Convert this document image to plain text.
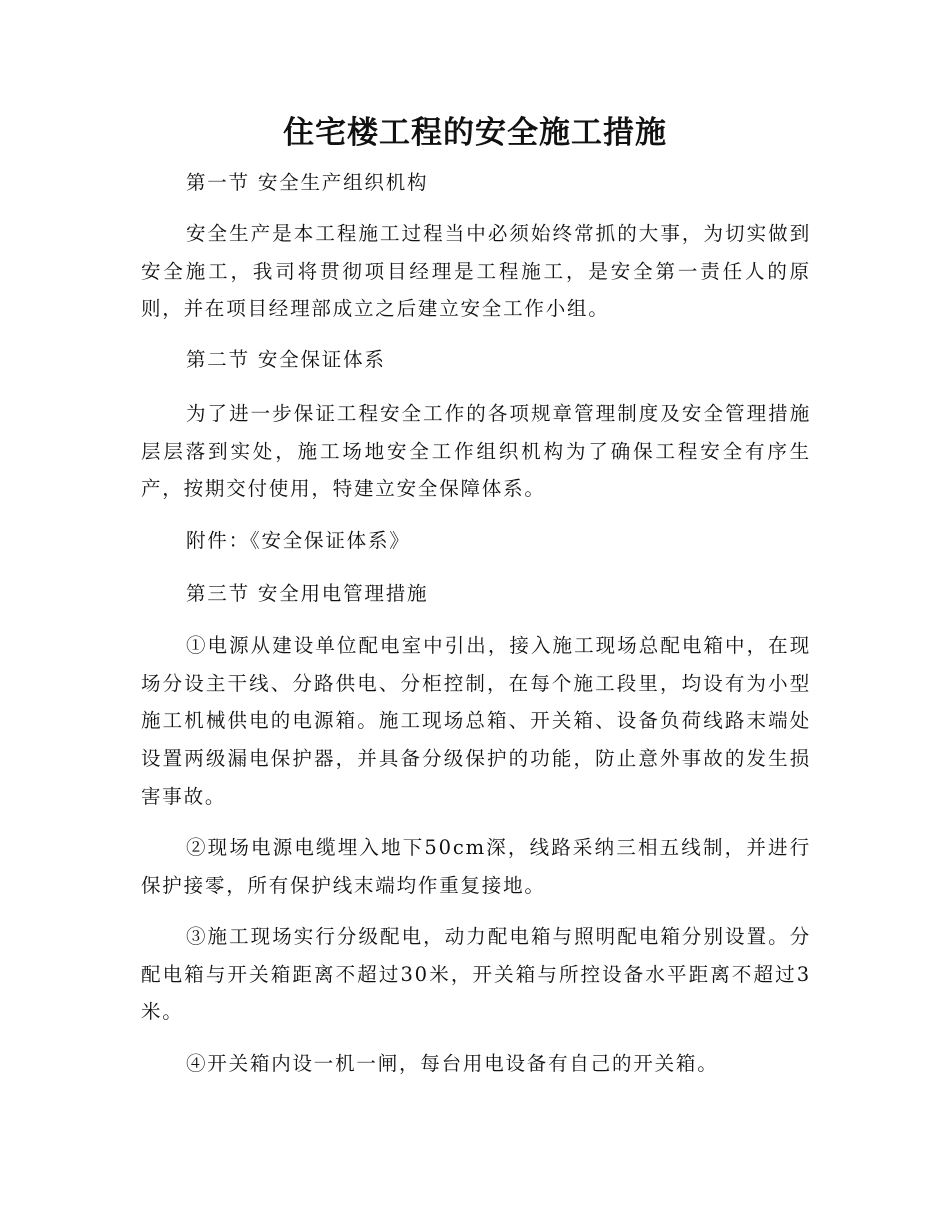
住宅楼工程的安全施工措施

第一节 安全生产组织机构

安全生产是本工程施工过程当中必须始终常抓的大事，为切实做到安全施工，我司将贯彻项目经理是工程施工，是安全第一责任人的原则，并在项目经理部成立之后建立安全工作小组。

第二节 安全保证体系

为了进一步保证工程安全工作的各项规章管理制度及安全管理措施层层落到实处，施工场地安全工作组织机构为了确保工程安全有序生产，按期交付使用，特建立安全保障体系。

附件：《安全保证体系》

第三节 安全用电管理措施

①电源从建设单位配电室中引出，接入施工现场总配电箱中，在现场分设主干线、分路供电、分柜控制，在每个施工段里，均设有为小型施工机械供电的电源箱。施工现场总箱、开关箱、设备负荷线路末端处设置两级漏电保护器，并具备分级保护的功能，防止意外事故的发生损害事故。

②现场电源电缆埋入地下50cm深，线路采纳三相五线制，并进行保护接零，所有保护线末端均作重复接地。

③施工现场实行分级配电，动力配电箱与照明配电箱分别设置。分配电箱与开关箱距离不超过30米，开关箱与所控设备水平距离不超过3米。

④开关箱内设一机一闸，每台用电设备有自己的开关箱。
